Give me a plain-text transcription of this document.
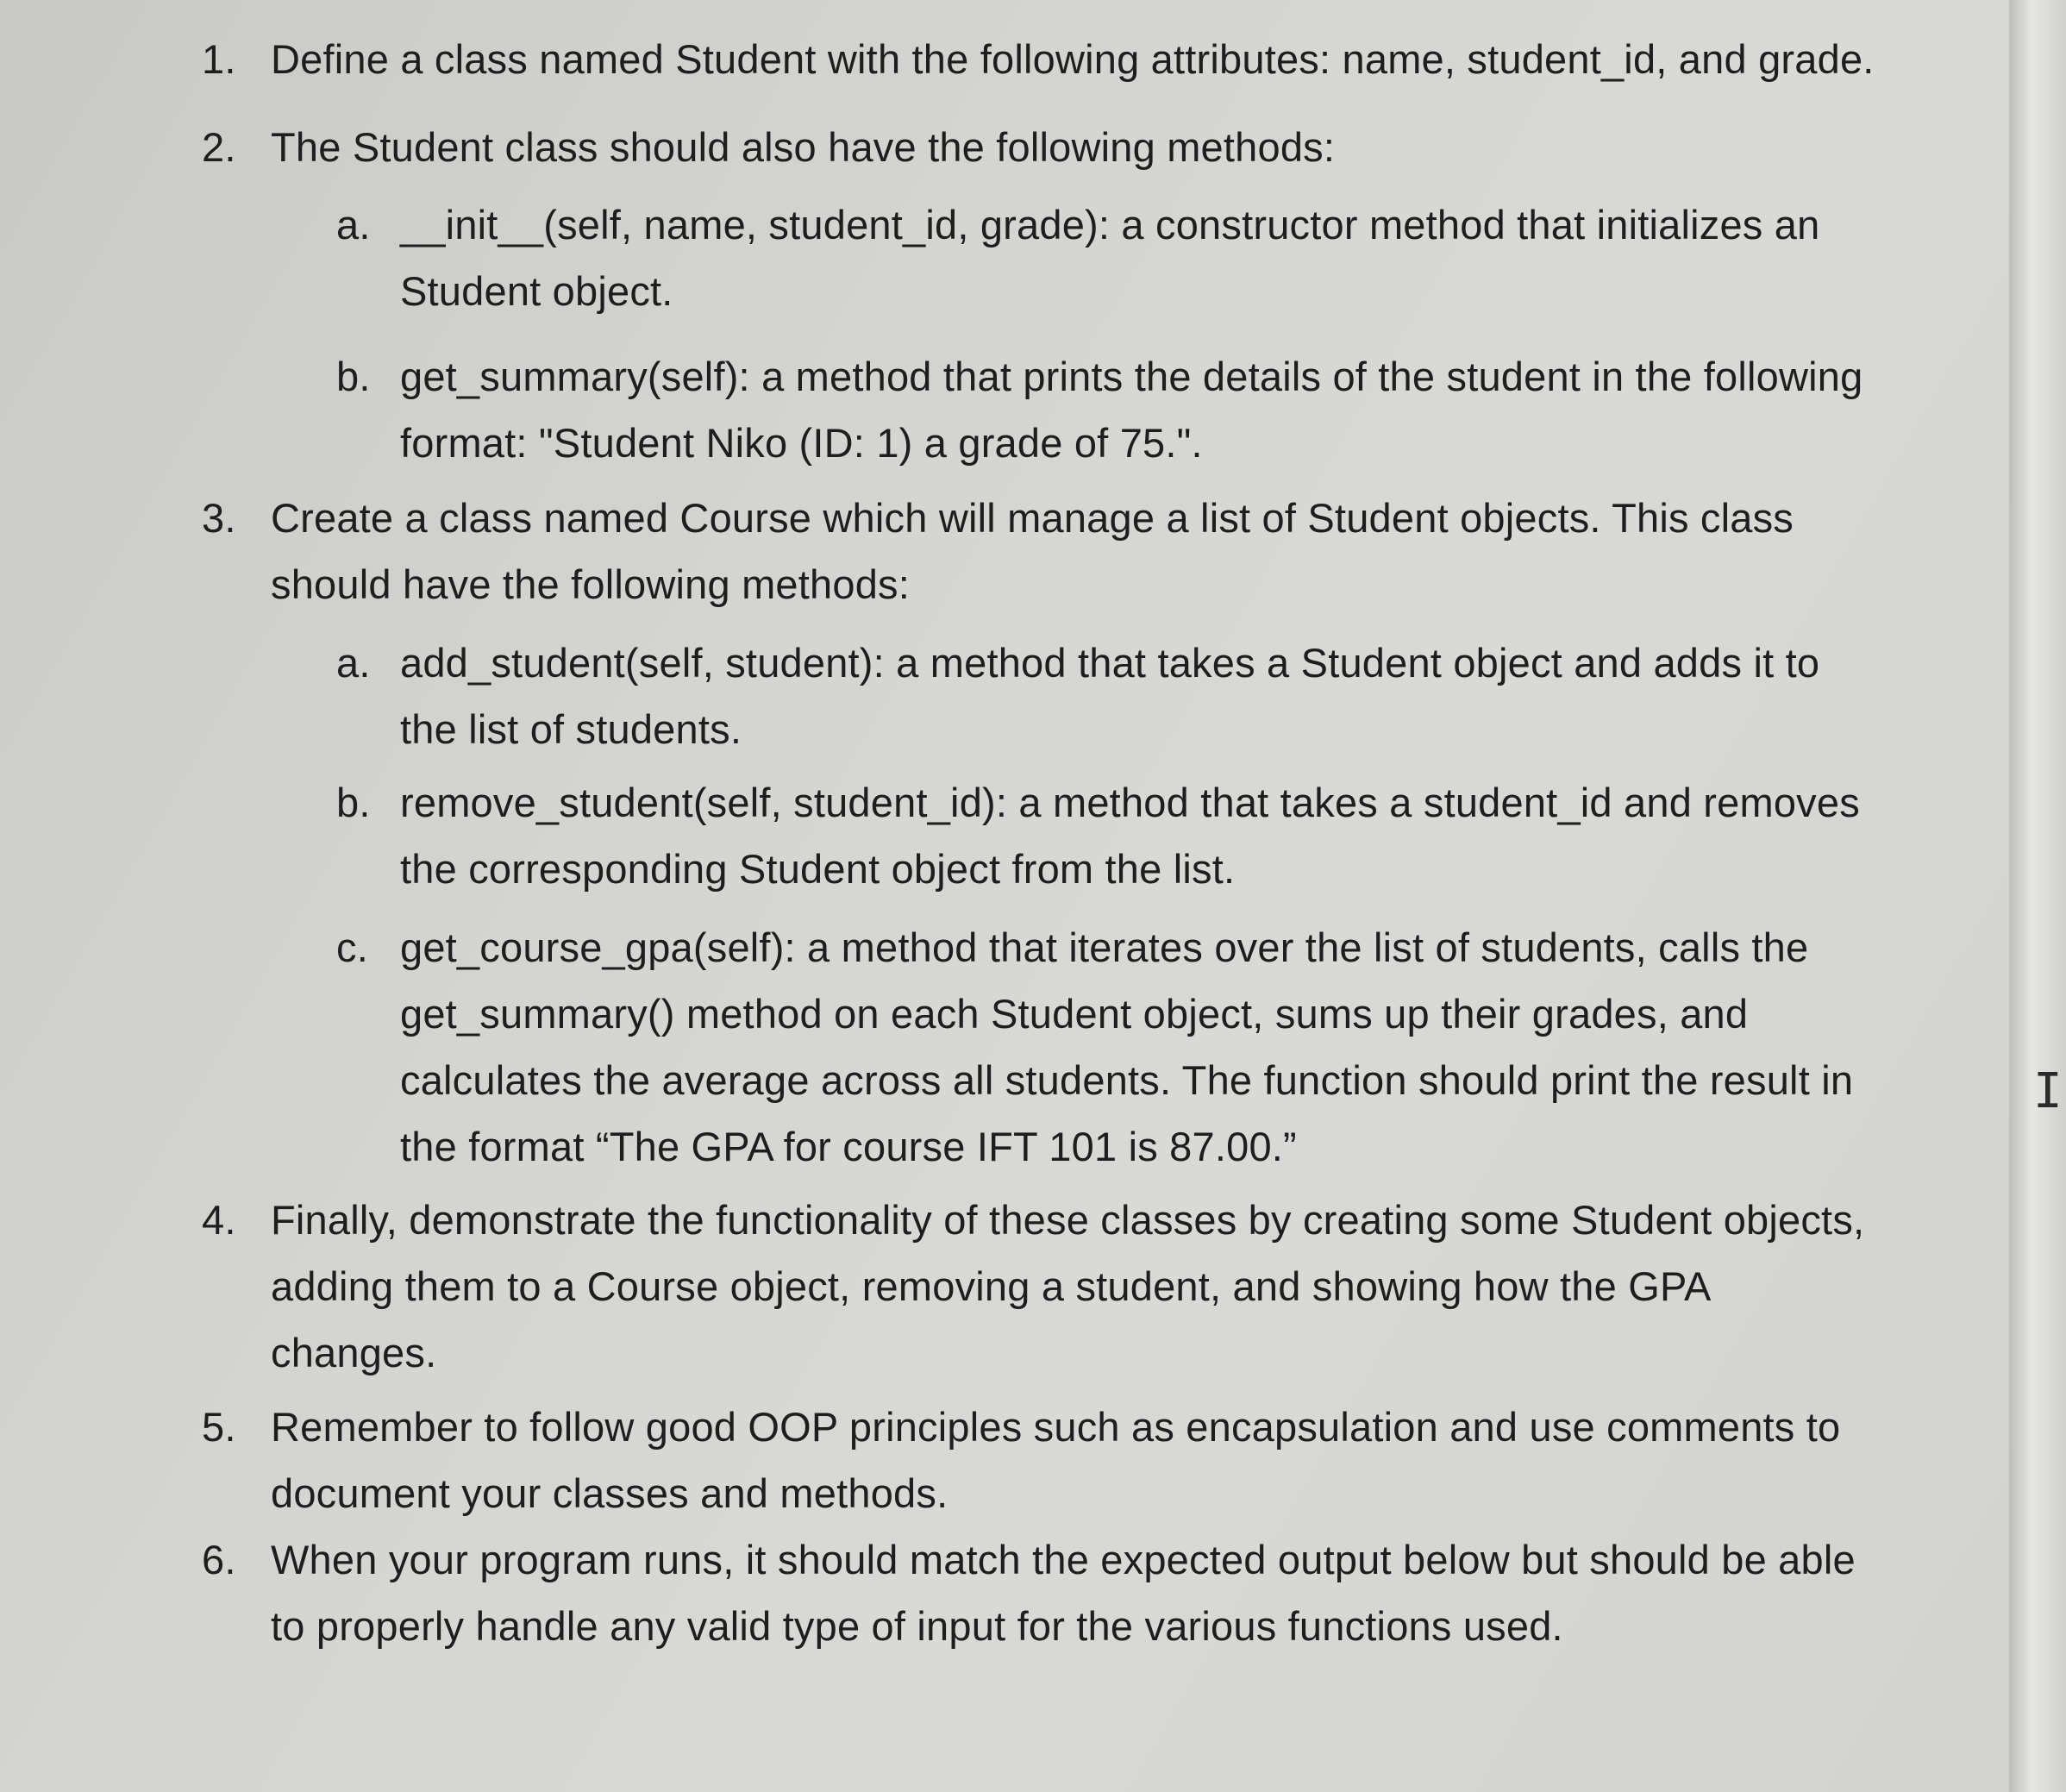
1. Define a class named Student with the following attributes: name, student_id, and grade.
2. The Student class should also have the following methods:
a. __init__(self, name, student_id, grade): a constructor method that initializes an
Student object.
b. get_summary(self): a method that prints the details of the student in the following
format: "Student Niko (ID: 1) a grade of 75.".
3. Create a class named Course which will manage a list of Student objects. This class
should have the following methods:
a. add_student(self, student): a method that takes a Student object and adds it to
the list of students.
b. remove_student(self, student_id): a method that takes a student_id and removes
the corresponding Student object from the list.
c. get_course_gpa(self): a method that iterates over the list of students, calls the
get_summary() method on each Student object, sums up their grades, and
calculates the average across all students. The function should print the result in
the format “The GPA for course IFT 101 is 87.00.”
4. Finally, demonstrate the functionality of these classes by creating some Student objects,
adding them to a Course object, removing a student, and showing how the GPA
changes.
5. Remember to follow good OOP principles such as encapsulation and use comments to
document your classes and methods.
6. When your program runs, it should match the expected output below but should be able
to properly handle any valid type of input for the various functions used.
I
